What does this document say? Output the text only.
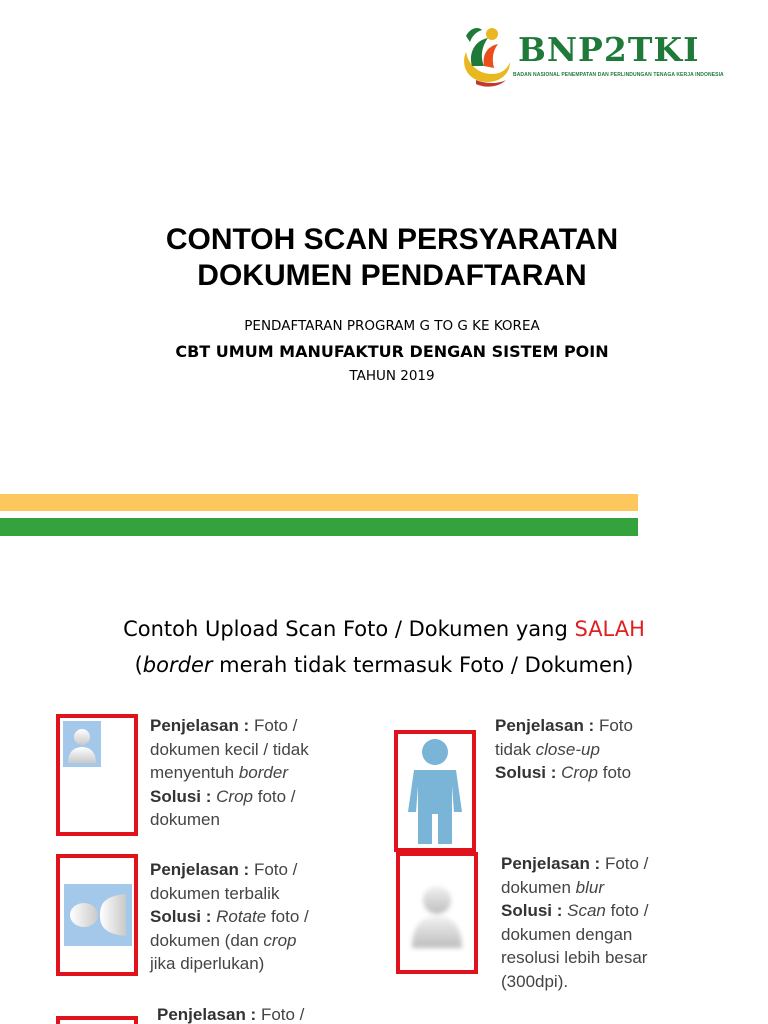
BNP2TKI
BADAN NASIONAL PENEMPATAN DAN PERLINDUNGAN TENAGA KERJA INDONESIA
CONTOH SCAN PERSYARATAN
DOKUMEN PENDAFTARAN
PENDAFTARAN PROGRAM G TO G KE KOREA
CBT UMUM MANUFAKTUR DENGAN SISTEM POIN
TAHUN 2019
Contoh Upload Scan Foto / Dokumen yang SALAH
(border merah tidak termasuk Foto / Dokumen)
Penjelasan : Foto /
dokumen kecil / tidak
menyentuh border
Solusi : Crop foto /
dokumen
Penjelasan : Foto
tidak close-up
Solusi : Crop foto
Penjelasan : Foto /
dokumen terbalik
Solusi : Rotate foto /
dokumen (dan crop
jika diperlukan)
Penjelasan : Foto /
dokumen blur
Solusi : Scan foto /
dokumen dengan
resolusi lebih besar
(300dpi).
Penjelasan : Foto /
